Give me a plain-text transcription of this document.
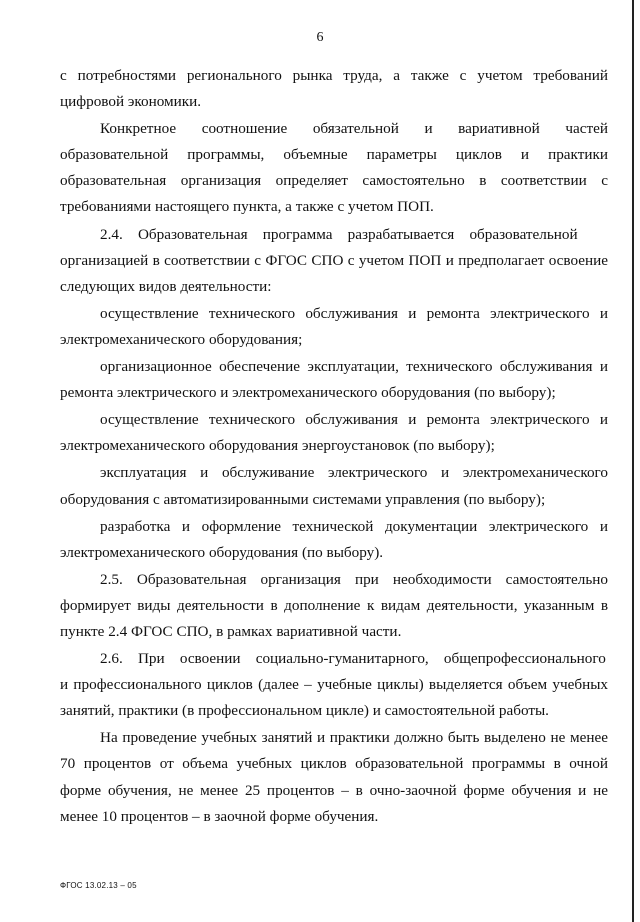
6

с потребностями регионального рынка труда, а также с учетом требований цифровой экономики.

Конкретное соотношение обязательной и вариативной частей образовательной программы, объемные параметры циклов и практики образовательная организация определяет самостоятельно в соответствии с требованиями настоящего пункта, а также с учетом ПОП.

2.4. Образовательная программа разрабатывается образовательной организацией в соответствии с ФГОС СПО с учетом ПОП и предполагает освоение следующих видов деятельности:

осуществление технического обслуживания и ремонта электрического и электромеханического оборудования;

организационное обеспечение эксплуатации, технического обслуживания и ремонта электрического и электромеханического оборудования (по выбору);

осуществление технического обслуживания и ремонта электрического и электромеханического оборудования энергоустановок (по выбору);

эксплуатация и обслуживание электрического и электромеханического оборудования с автоматизированными системами управления (по выбору);

разработка и оформление технической документации электрического и электромеханического оборудования (по выбору).

2.5. Образовательная организация при необходимости самостоятельно формирует виды деятельности в дополнение к видам деятельности, указанным в пункте 2.4 ФГОС СПО, в рамках вариативной части.

2.6. При освоении социально-гуманитарного, общепрофессионального и профессионального циклов (далее – учебные циклы) выделяется объем учебных занятий, практики (в профессиональном цикле) и самостоятельной работы.

На проведение учебных занятий и практики должно быть выделено не менее 70 процентов от объема учебных циклов образовательной программы в очной форме обучения, не менее 25 процентов – в очно-заочной форме обучения и не менее 10 процентов – в заочной форме обучения.

ФГОС 13.02.13 – 05
